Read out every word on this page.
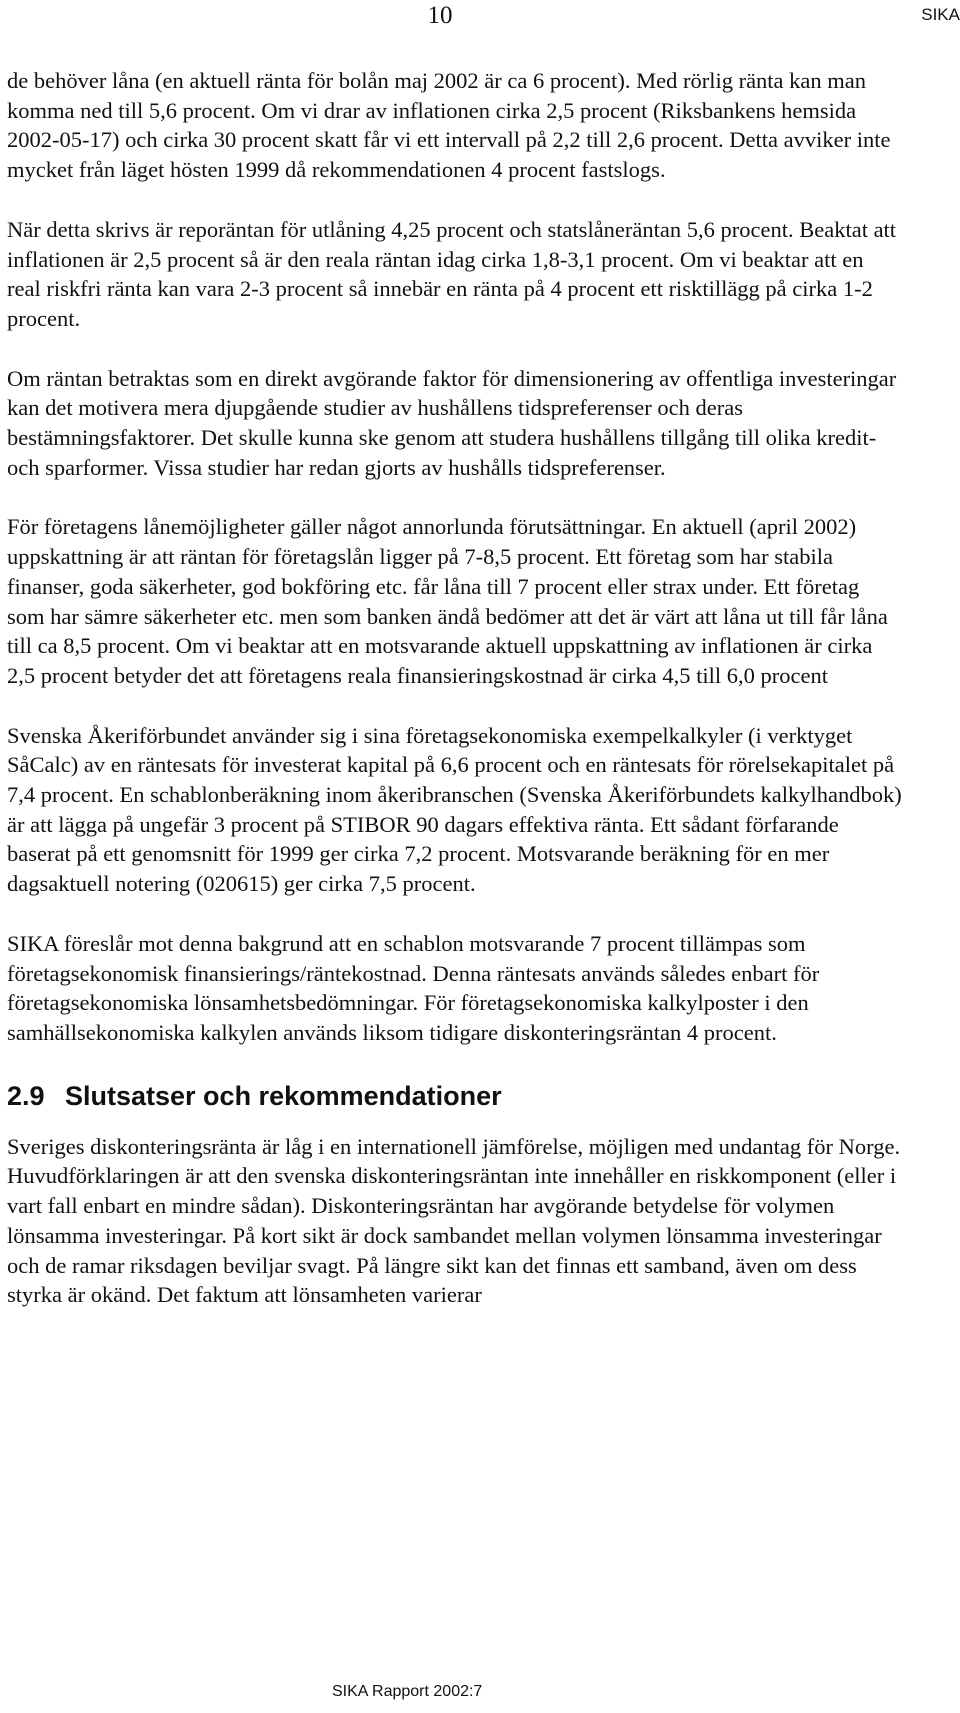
10	SIKA

de behöver låna (en aktuell ränta för bolån maj 2002 är ca 6 procent). Med rörlig ränta kan man komma ned till 5,6 procent. Om vi drar av inflationen cirka 2,5 procent (Riksbankens hemsida 2002-05-17) och cirka 30 procent skatt får vi ett intervall på 2,2 till 2,6 procent. Detta avviker inte mycket från läget hösten 1999 då rekommendationen 4 procent fastslogs.

När detta skrivs är reporäntan för utlåning 4,25 procent och statslåneräntan 5,6 procent. Beaktat att inflationen är 2,5 procent så är den reala räntan idag cirka 1,8-3,1 procent. Om vi beaktar att en real riskfri ränta kan vara 2-3 procent så innebär en ränta på 4 procent ett risktillägg på cirka 1-2 procent.

Om räntan betraktas som en direkt avgörande faktor för dimensionering av offentliga investeringar kan det motivera mera djupgående studier av hushållens tidspreferenser och deras bestämningsfaktorer. Det skulle kunna ske genom att studera hushållens tillgång till olika kredit- och sparformer. Vissa studier har redan gjorts av hushålls tidspreferenser.

För företagens lånemöjligheter gäller något annorlunda förutsättningar. En aktuell (april 2002) uppskattning är att räntan för företagslån ligger på 7-8,5 procent. Ett företag som har stabila finanser, goda säkerheter, god bokföring etc. får låna till 7 procent eller strax under. Ett företag som har sämre säkerheter etc. men som banken ändå bedömer att det är värt att låna ut till får låna till ca 8,5 procent. Om vi beaktar att en motsvarande aktuell uppskattning av inflationen är cirka 2,5 procent betyder det att företagens reala finansieringskostnad är cirka 4,5 till 6,0 procent

Svenska Åkeriförbundet använder sig i sina företagsekonomiska exempelkalkyler (i verktyget SåCalc) av en räntesats för investerat kapital på 6,6 procent och en räntesats för rörelsekapitalet på 7,4 procent. En schablonberäkning inom åkeribranschen (Svenska Åkeriförbundets kalkylhandbok) är att lägga på ungefär 3 procent på STIBOR 90 dagars effektiva ränta. Ett sådant förfarande baserat på ett genomsnitt för 1999 ger cirka 7,2 procent. Motsvarande beräkning för en mer dagsaktuell notering (020615) ger cirka 7,5 procent.

SIKA föreslår mot denna bakgrund att en schablon motsvarande 7 procent tillämpas som företagsekonomisk finansierings/räntekostnad. Denna räntesats används således enbart för företagsekonomiska lönsamhetsbedömningar. För företagsekonomiska kalkylposter i den samhällsekonomiska kalkylen används liksom tidigare diskonteringsräntan 4 procent.

2.9 Slutsatser och rekommendationer

Sveriges diskonteringsränta är låg i en internationell jämförelse, möjligen med undantag för Norge. Huvudförklaringen är att den svenska diskonteringsräntan inte innehåller en riskkomponent (eller i vart fall enbart en mindre sådan). Diskonteringsräntan har avgörande betydelse för volymen lönsamma investeringar. På kort sikt är dock sambandet mellan volymen lönsamma investeringar och de ramar riksdagen beviljar svagt. På längre sikt kan det finnas ett samband, även om dess styrka är okänd. Det faktum att lönsamheten varierar

SIKA Rapport 2002:7
